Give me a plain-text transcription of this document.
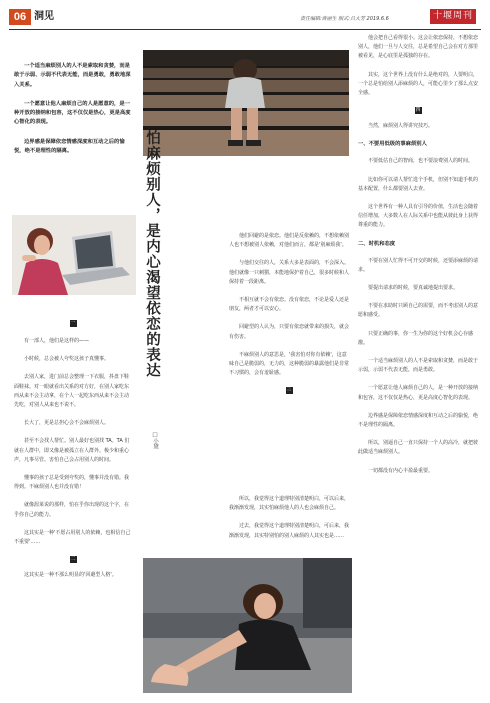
06 洞见	责任编辑:蒋丽生 版式:吕大芳 2019.6.6	十堰周刊

一个适当麻烦别人的人不是索取和贪婪，而是敢于示弱、示弱不代表无能，而是勇敢，勇敢地深入关系。

一个愿意让他人麻烦自己的人是愿意的，是一种开放的接纳和包容，这不仅仅是热心，更是高度心智化的表现。

边界感是保障依恋情感深度和互动之后的愉悦，绝不是理性的隔离。

一

有一部人，他们是这样的——

小时候，总会被人夸奖这孩子真懂事。

去别人家，进门前总会整理一下衣服，抖盘下鞋面鞋袜。对一眼就看出关系的对方好，在别人家吃东西从来不会主动拿，在个人一起吃东西从来不会主动先吃，对别人从来也不说不。

长大了，更是总担心会不会麻烦别人。

甚至不会找人帮忙。别人最好也别找 TA。TA 们就在人群中，即又像是被孤立在人群外。极少和重心声，凡事尽管。害怕自己会占用别人的时间。

懂事的孩子总是受到夸奖的，懂事并没有错。我得到。不麻烦别人也并没有错！

就像渥莱说的那样，怕在乎你出现的这个字，在乎你自己的能力。

这其实是一种'不愿占用别人的依赖，也相信自己不重要'……

二

这其实是一种不那么明显的'回避型人格'。

怕麻烦别人，是内心渴望依恋的表达
□小黛

他们回避的是依恋。他们是反依赖的，不想依赖别人也不想被别人依赖，对他们而言，都是'别麻烦我'。

与他们交往的人，关系大多是表面的，不会深入。他们就像一只刺猬，本能地保护着自己，很多时候和人保持着一段距离。

不相互就不会有依恋。没有依恋，不论是爱人还是朋友，两者才可以安心。

回避型的人认为，只要有依恋就带来的损失，就会有伤害。

不麻烦别人的意思是，'我害怕对你有依赖'，这意味自己是脆弱的，无力的，这种脆弱的暴露他们是非常不习惯的，会有羞耻感。

三

所以，我觉得这个道理特别清楚明白，可以后来，我渐渐发现，其实怕麻烦他人的人也会麻烦自己。

过去，我觉得这个道理特别清楚明白，可后来，我渐渐发现，其实特别怕的别人麻烦的人其实也是……

他会把自己看得很小。这会让依恋保持，不想依恋别人，他们一旦与人交往，总是希望自己会在对方那里被看见，是心底里是孤独的存在。

其实，这个世界上没有什么是绝对的，人要明白，一个总是怕给别人添麻烦的人，可能心里少了那么点安全感。

四

当然，麻烦别人得讲究技巧。

一、不要用低级的事麻烦别人

不要低估自己的智商，也不要浪费别人的时间。

比如你可以请人帮忙选个手机，但别不知道手机的基本配置，什么都要别人去查。

这个世界有一种人具有引导的价值，生活也会随着信任增加，大多数人在人际关系中也能从彼此身上获得尊重的能力。

二、时机和态度

不要在别人忙得不可开交的时候，还要添麻烦的请求。

要提出请求的时候，要真诚地提出要求。

不要在求助时只顾自己的需要，而不考虑别人的意愿和感受。

只要正确的事，你一生为你的这个好机会心存感激。

一个适当麻烦别人的人不是索取和贪婪，而是敢于示弱，示弱不代表无能，而是勇敢。

一个愿意让他人麻烦自己的人，是一种开放的接纳和包容，这不仅仅是热心，更是高度心智化的表现。

边界感是保障依恋情感深度和互动之后的愉悦，绝不是理性的隔离。

所以，别逼自己一直只保持一个人的高冷，就把彼此做适当麻烦别人。

一切都没有内心丰盈最重要。
